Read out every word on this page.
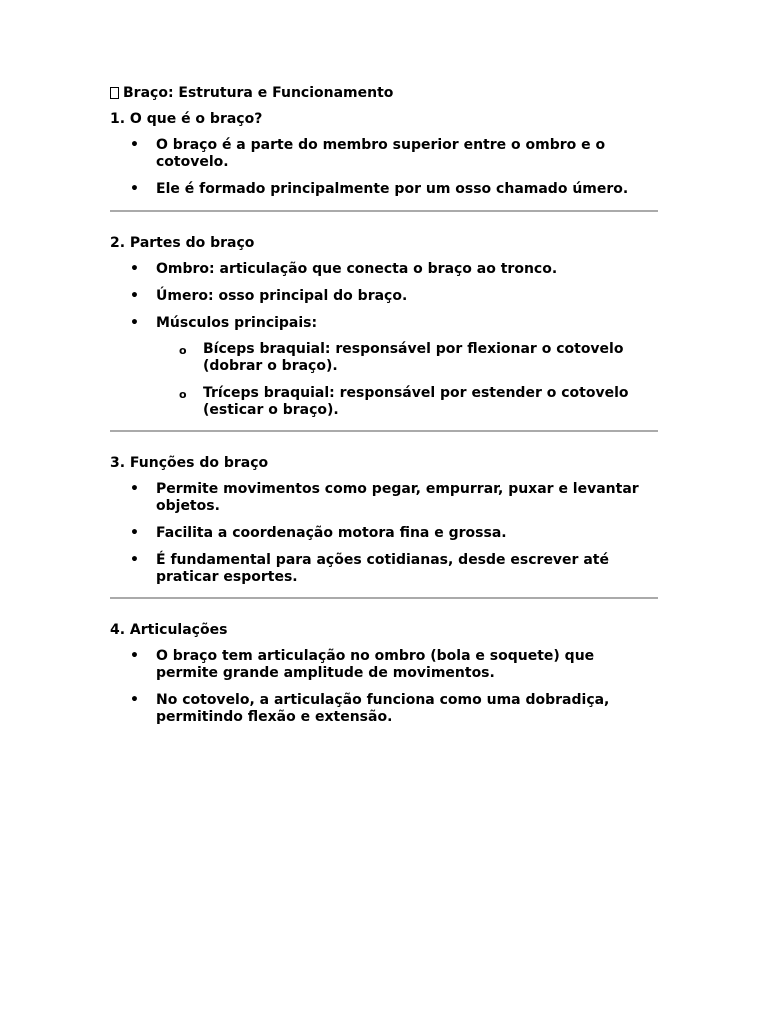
Braço: Estrutura e Funcionamento

1. O que é o braço?

• O braço é a parte do membro superior entre o ombro e o cotovelo.
• Ele é formado principalmente por um osso chamado úmero.

2. Partes do braço

• Ombro: articulação que conecta o braço ao tronco.
• Úmero: osso principal do braço.
• Músculos principais:
o Bíceps braquial: responsável por flexionar o cotovelo (dobrar o braço).
o Tríceps braquial: responsável por estender o cotovelo (esticar o braço).

3. Funções do braço

• Permite movimentos como pegar, empurrar, puxar e levantar objetos.
• Facilita a coordenação motora fina e grossa.
• É fundamental para ações cotidianas, desde escrever até praticar esportes.

4. Articulações

• O braço tem articulação no ombro (bola e soquete) que permite grande amplitude de movimentos.
• No cotovelo, a articulação funciona como uma dobradiça, permitindo flexão e extensão.
